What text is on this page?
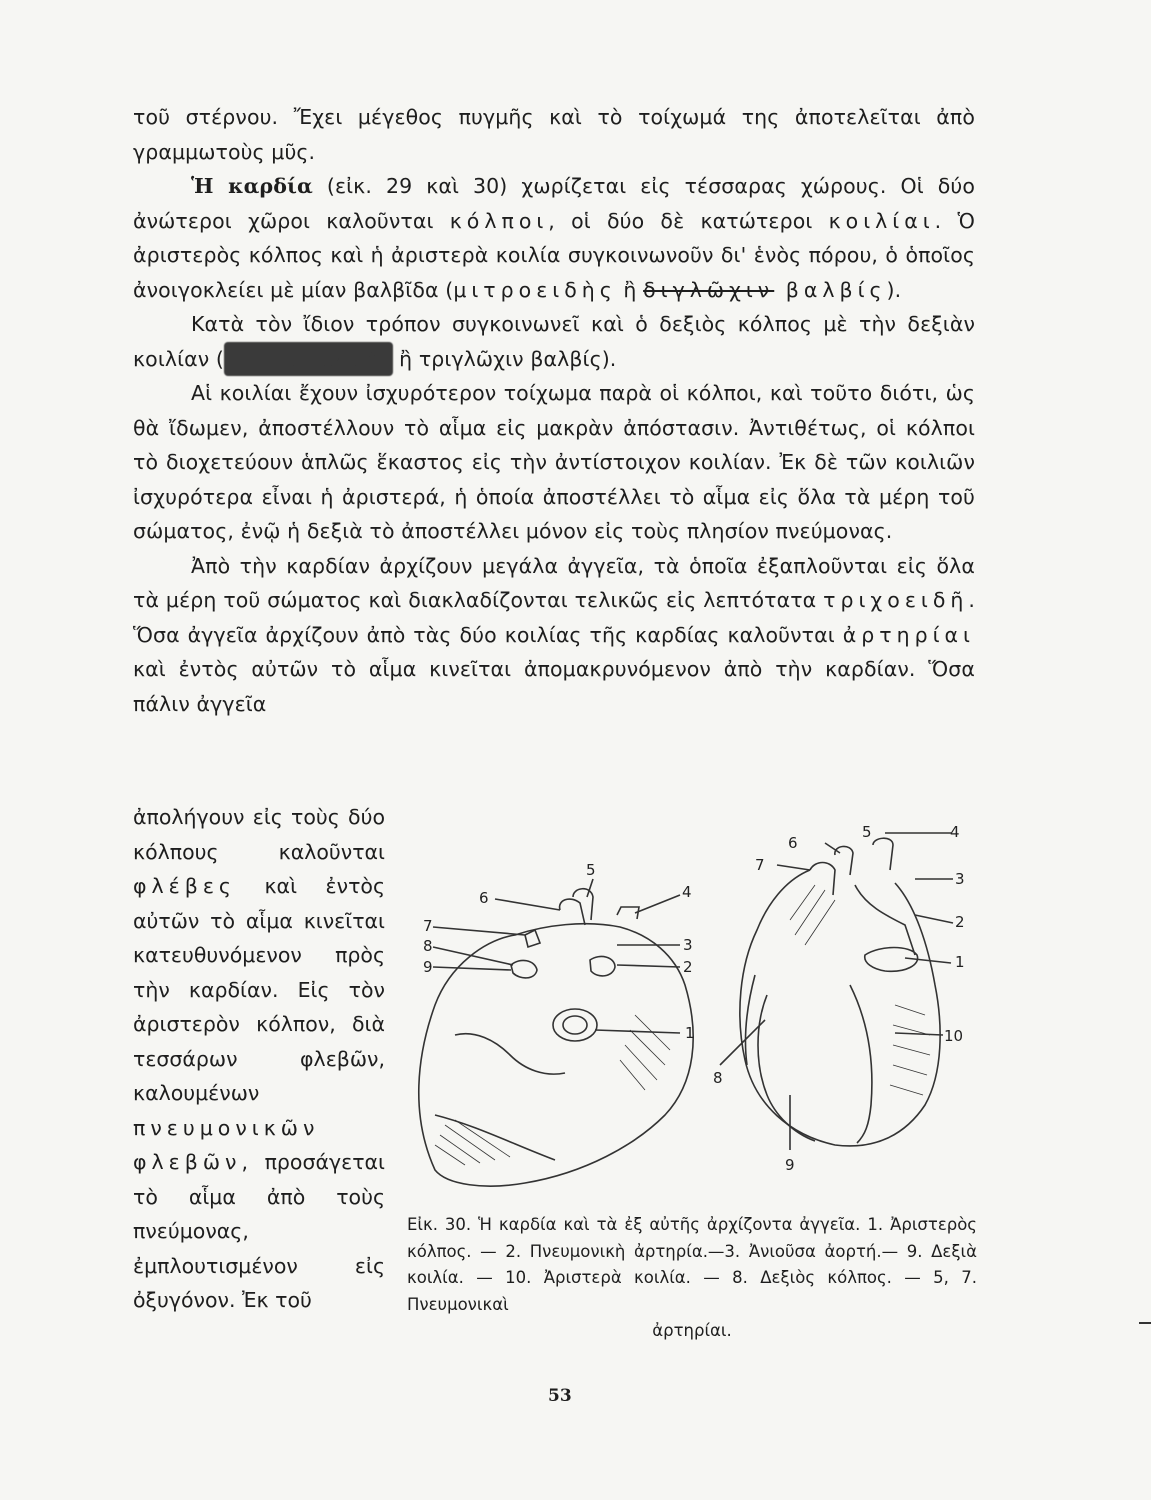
τοῦ στέρνου. Ἔχει μέγεθος πυγμῆς καὶ τὸ τοίχωμά της ἀποτελεῖται ἀπὸ γραμμωτοὺς μῦς.

Ἡ καρδία (εἰκ. 29 καὶ 30) χωρίζεται εἰς τέσσαρας χώρους. Οἱ δύο ἀνώτεροι χῶροι καλοῦνται κόλποι, οἱ δύο δὲ κατώτεροι κοιλίαι. Ὁ ἀριστερὸς κόλπος καὶ ἡ ἀριστερὰ κοιλία συγκοινωνοῦν δι' ἑνὸς πόρου, ὁ ὁποῖος ἀνοιγοκλείει μὲ μίαν βαλβῖδα (μιτροειδὴς ἢ διγλῶχιν βαλβίς).

Κατὰ τὸν ἴδιον τρόπον συγκοινωνεῖ καὶ ὁ δεξιὸς κόλπος μὲ τὴν δεξιὰν κοιλίαν (	μηνοειδὴς ἢ τριγλῶχιν βαλβίς).

Αἱ κοιλίαι ἔχουν ἰσχυρότερον τοίχωμα παρὰ οἱ κόλποι, καὶ τοῦτο διότι, ὡς θὰ ἴδωμεν, ἀποστέλλουν τὸ αἷμα εἰς μακρὰν ἀπόστασιν. Ἀντιθέτως, οἱ κόλποι τὸ διοχετεύουν ἁπλῶς ἕκαστος εἰς τὴν ἀντίστοιχον κοιλίαν. Ἐκ δὲ τῶν κοιλιῶν ἰσχυρότερα εἶναι ἡ ἀριστερά, ἡ ὁποία ἀποστέλλει τὸ αἷμα εἰς ὅλα τὰ μέρη τοῦ σώματος, ἐνῷ ἡ δεξιὰ τὸ ἀποστέλλει μόνον εἰς τοὺς πλησίον πνεύμονας.

Ἀπὸ τὴν καρδίαν ἀρχίζουν μεγάλα ἀγγεῖα, τὰ ὁποῖα ἐξαπλοῦνται εἰς ὅλα τὰ μέρη τοῦ σώματος καὶ διακλαδίζονται τελικῶς εἰς λεπτότατα τριχοειδῆ. Ὅσα ἀγγεῖα ἀρχίζουν ἀπὸ τὰς δύο κοιλίας τῆς καρδίας καλοῦνται ἀρτηρίαι καὶ ἐντὸς αὐτῶν τὸ αἷμα κινεῖται ἀπομακρυνόμενον ἀπὸ τὴν καρδίαν. Ὅσα πάλιν ἀγγεῖα

ἀπολήγουν εἰς τοὺς δύο κόλπους καλοῦνται φλέβες καὶ ἐντὸς αὐτῶν τὸ αἷμα κινεῖται κατευθυνόμενον πρὸς τὴν καρδίαν. Εἰς τὸν ἀριστερὸν κόλπον, διὰ τεσσάρων φλεβῶν, καλουμένων πνευμονικῶν φλεβῶν, προσάγεται τὸ αἷμα ἀπὸ τοὺς πνεύμονας, ἐμπλουτισμένον εἰς ὀξυγόνον. Ἐκ τοῦ

1
2
3
4
5
6
7
8
9	1
2
3
4
5
6
7
8
9
10
Εἰκ. 30. Ἡ καρδία καὶ τὰ ἐξ αὐτῆς ἀρχίζοντα ἀγγεῖα. 1. Ἀριστερὸς κόλπος. — 2. Πνευμονικὴ ἀρτηρία.—3. Ἀνιοῦσα ἀορτή.— 9. Δεξιὰ κοιλία. — 10. Ἀριστερὰ κοιλία. — 8. Δεξιὸς κόλπος. — 5, 7. Πνευμονικαὶ
ἀρτηρίαι.
53
